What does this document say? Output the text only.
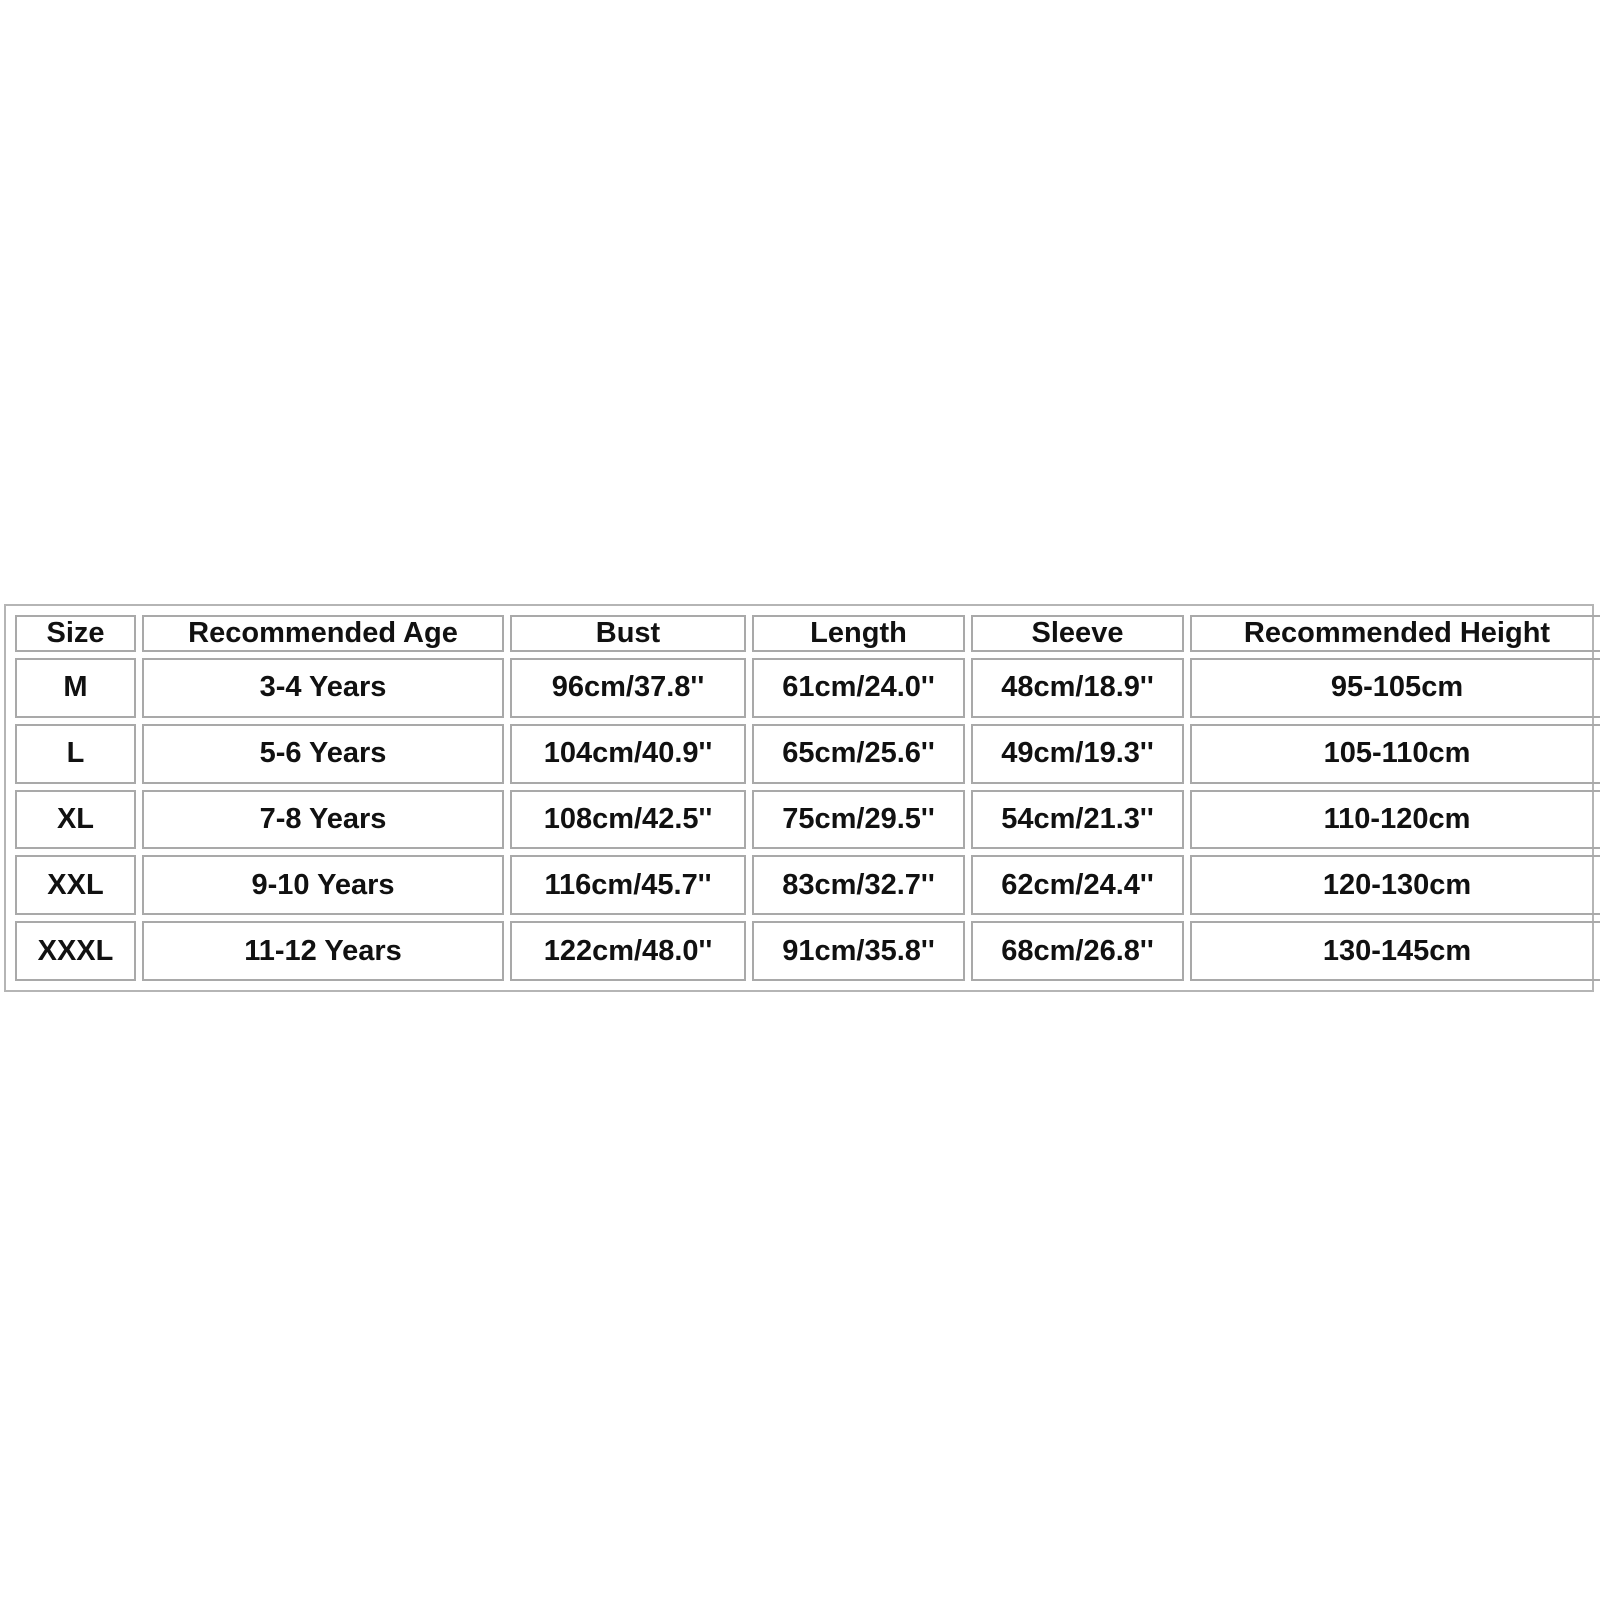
Size	Recommended Age	Bust	Length	Sleeve	Recommended Height
M	3-4 Years	96cm/37.8''	61cm/24.0''	48cm/18.9''	95-105cm
L	5-6 Years	104cm/40.9''	65cm/25.6''	49cm/19.3''	105-110cm
XL	7-8 Years	108cm/42.5''	75cm/29.5''	54cm/21.3''	110-120cm
XXL	9-10 Years	116cm/45.7''	83cm/32.7''	62cm/24.4''	120-130cm
XXXL	11-12 Years	122cm/48.0''	91cm/35.8''	68cm/26.8''	130-145cm
